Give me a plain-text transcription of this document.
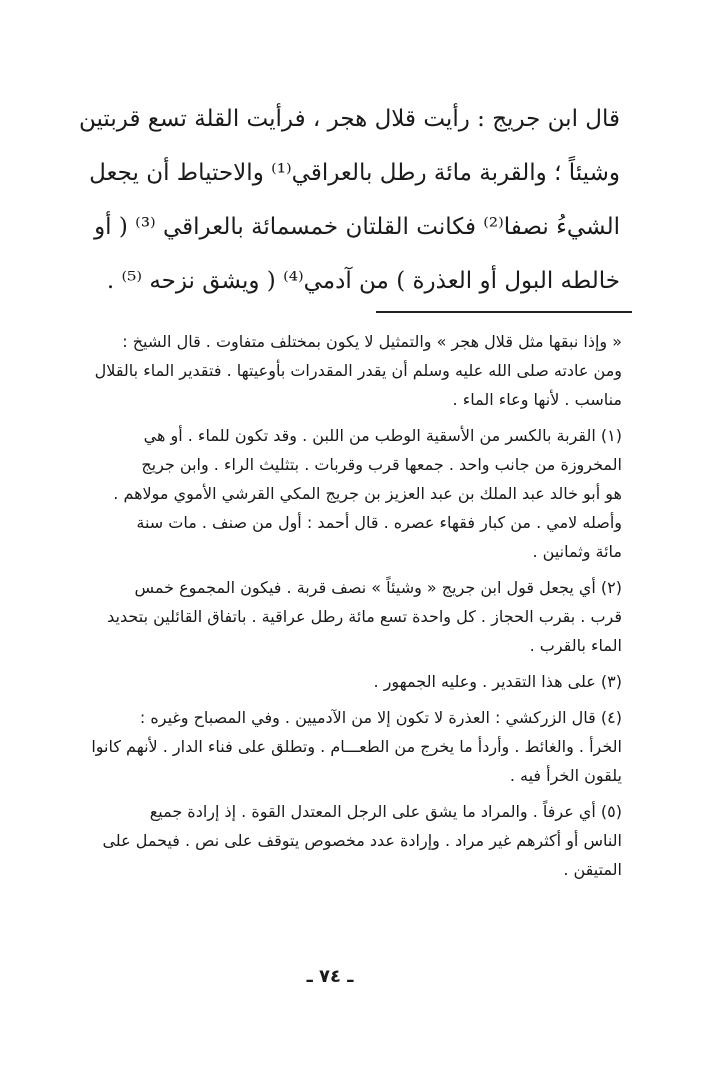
قال ابن جريج : رأيت قلال هجر ، فرأيت القلة تسع قربتين
وشيئاً ؛ والقربة مائة رطل بالعراقي⁽¹⁾ والاحتياط أن يجعل
الشيءُ نصفا⁽²⁾ فكانت القلتان خمسمائة بالعراقي ⁽³⁾ ( أو
خالطه البول أو العذرة ) من آدمي⁽⁴⁾ ( ويشق نزحه ⁽⁵⁾ .
« وإذا نبقها مثل قلال هجر » والتمثيل لا يكون بمختلف متفاوت . قال الشيخ :
ومن عادته صلى الله عليه وسلم أن يقدر المقدرات بأوعيتها . فتقدير الماء بالقلال
مناسب . لأنها وعاء الماء .
(١) القربة بالكسر من الأسقية الوطب من اللبن . وقد تكون للماء . أو هي
المخروزة من جانب واحد . جمعها قرب وقربات . بتثليث الراء . وابن جريج
هو أبو خالد عبد الملك بن عبد العزيز بن جريج المكي القرشي الأموي مولاهم .
وأصله لامي . من كبار فقهاء عصره . قال أحمد : أول من صنف . مات سنة
مائة وثمانين .
(٢) أي يجعل قول ابن جريج « وشيئاً » نصف قربة . فيكون المجموع خمس
قرب . بقرب الحجاز . كل واحدة تسع مائة رطل عراقية . باتفاق القائلين بتحديد
الماء بالقرب .
(٣) على هذا التقدير . وعليه الجمهور .
(٤) قال الزركشي : العذرة لا تكون إلا من الآدميين . وفي المصباح وغيره :
الخرأ . والغائط . وأردأ ما يخرج من الطعـــام . وتطلق على فناء الدار . لأنهم كانوا
يلقون الخرأ فيه .
(٥) أي عرفاً . والمراد ما يشق على الرجل المعتدل القوة . إذ إرادة جميع
الناس أو أكثرهم غير مراد . وإرادة عدد مخصوص يتوقف على نص . فيحمل على
المتيقن .
ـ ٧٤ ـ
